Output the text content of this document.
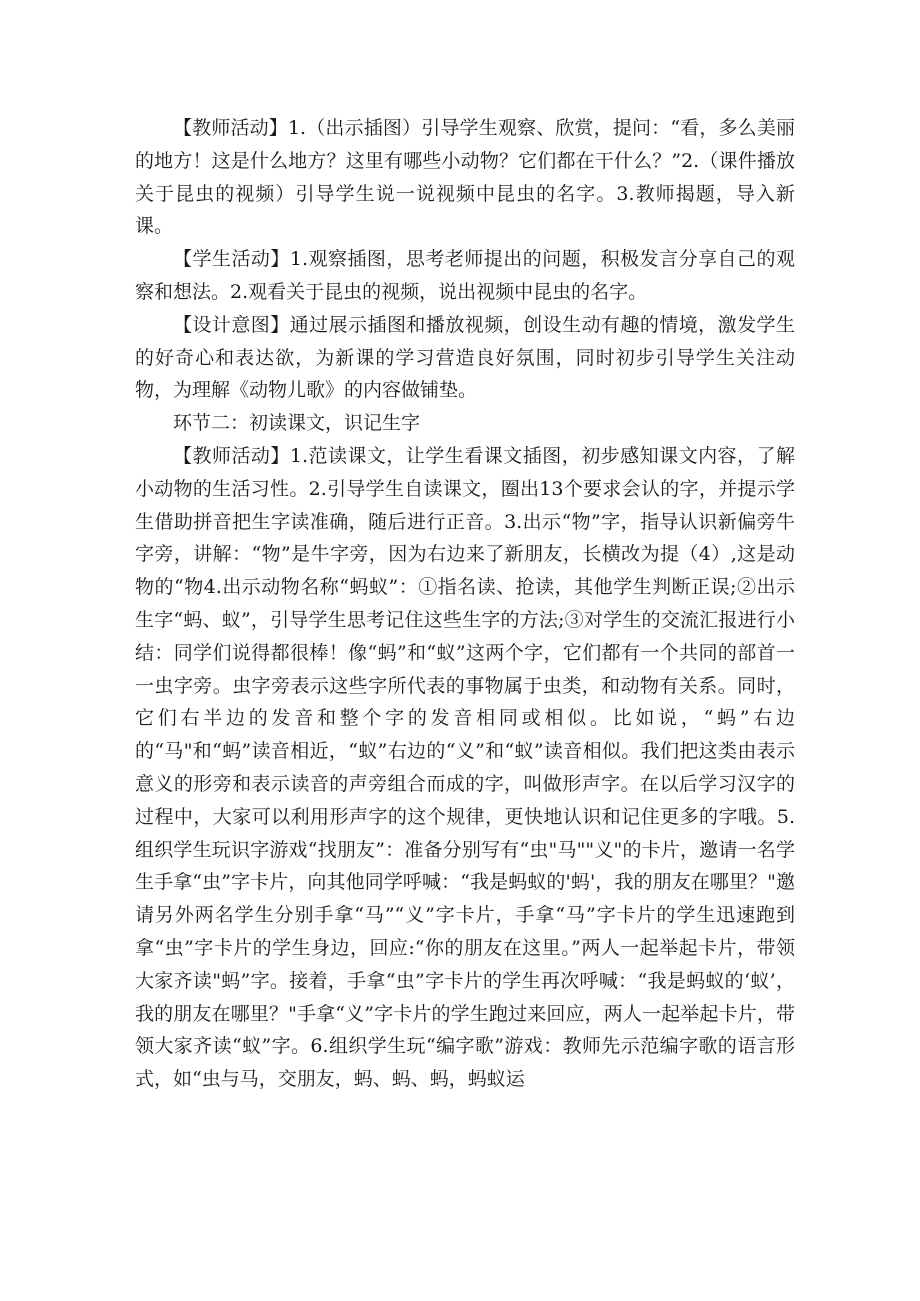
【教师活动】1.（出示插图）引导学生观察、欣赏，提问：“看，多么美丽的地方！这是什么地方？这里有哪些小动物？它们都在干什么？”2.（课件播放关于昆虫的视频）引导学生说一说视频中昆虫的名字。3.教师揭题，导入新课。

【学生活动】1.观察插图，思考老师提出的问题，积极发言分享自己的观察和想法。2.观看关于昆虫的视频，说出视频中昆虫的名字。

【设计意图】通过展示插图和播放视频，创设生动有趣的情境，激发学生的好奇心和表达欲，为新课的学习营造良好氛围，同时初步引导学生关注动物，为理解《动物儿歌》的内容做铺垫。

环节二：初读课文，识记生字

【教师活动】1.范读课文，让学生看课文插图，初步感知课文内容，了解小动物的生活习性。2.引导学生自读课文，圈出13个要求会认的字，并提示学生借助拼音把生字读准确，随后进行正音。3.出示“物”字，指导认识新偏旁牛字旁，讲解：“物”是牛字旁，因为右边来了新朋友，长横改为提（4）,这是动物的“物4.出示动物名称“蚂蚁”：①指名读、抢读，其他学生判断正误;②出示生字“蚂、蚁”，引导学生思考记住这些生字的方法;③对学生的交流汇报进行小结：同学们说得都很棒！像“蚂”和“蚁”这两个字，它们都有一个共同的部首一一虫字旁。虫字旁表示这些字所代表的事物属于虫类，和动物有关系。同时，它们右半边的发音和整个字的发音相同或相似。比如说，“蚂”右边的“马"和“蚂”读音相近，“蚁”右边的“义”和“蚁”读音相似。我们把这类由表示意义的形旁和表示读音的声旁组合而成的字，叫做形声字。在以后学习汉字的过程中，大家可以利用形声字的这个规律，更快地认识和记住更多的字哦。5.组织学生玩识字游戏“找朋友”：准备分别写有“虫"马""义"的卡片，邀请一名学生手拿“虫”字卡片，向其他同学呼喊：“我是蚂蚁的'蚂'，我的朋友在哪里？"邀请另外两名学生分别手拿“马”“义”字卡片，手拿“马”字卡片的学生迅速跑到拿“虫”字卡片的学生身边，回应:“你的朋友在这里。”两人一起举起卡片，带领大家齐读"蚂”字。接着，手拿“虫”字卡片的学生再次呼喊：“我是蚂蚁的‘蚁’，我的朋友在哪里？"手拿“义”字卡片的学生跑过来回应，两人一起举起卡片，带领大家齐读“蚁”字。6.组织学生玩“编字歌”游戏：教师先示范编字歌的语言形式，如“虫与马，交朋友，蚂、蚂、蚂，蚂蚁运
